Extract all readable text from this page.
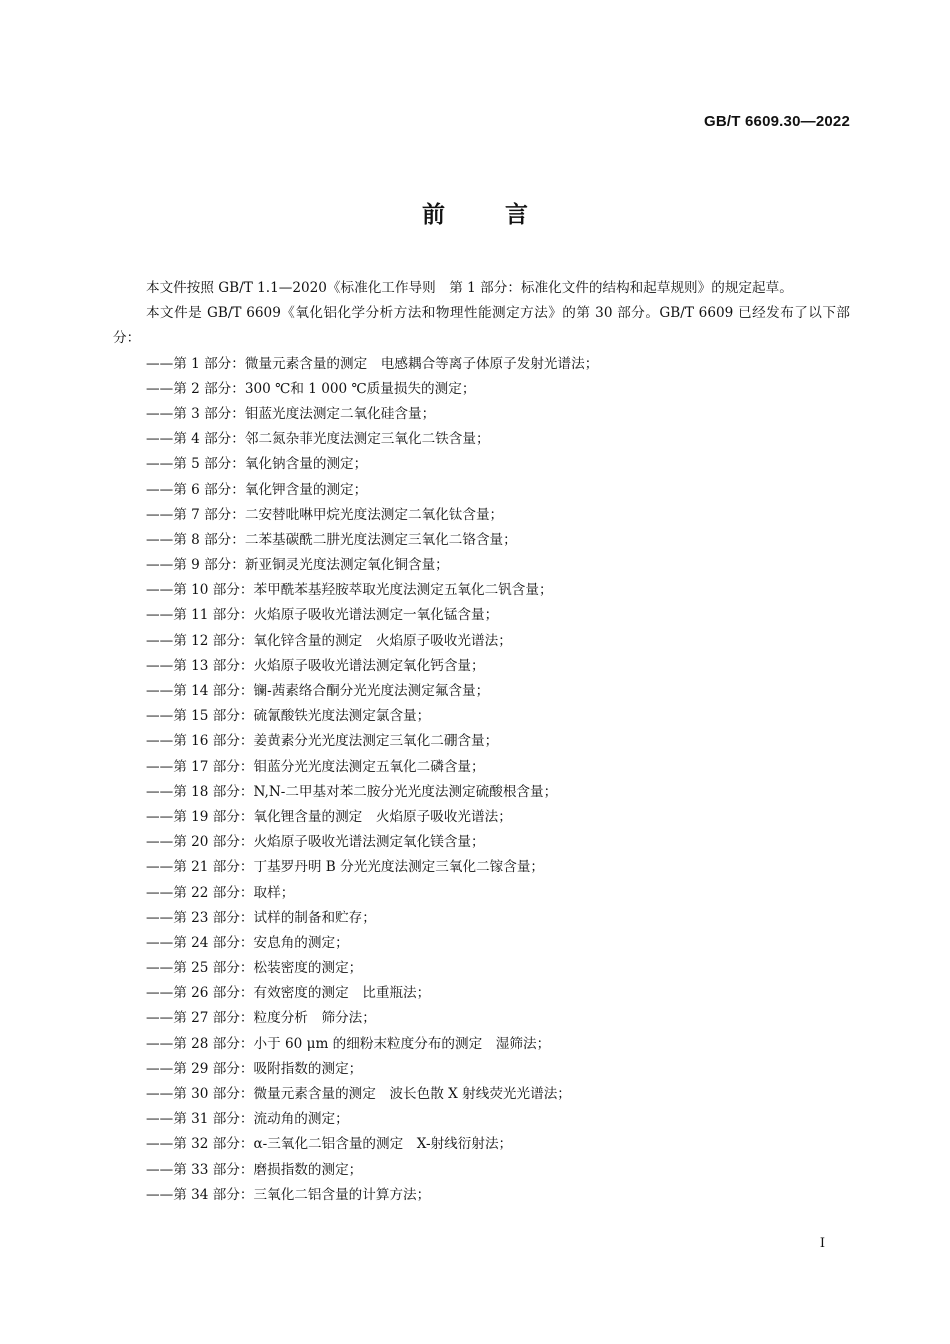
GB/T 6609.30—2022
前言

本文件按照 GB/T 1.1—2020《标准化工作导则　第 1 部分：标准化文件的结构和起草规则》的规定起草。

本文件是 GB/T 6609《氧化铝化学分析方法和物理性能测定方法》的第 30 部分。GB/T 6609 已经发布了以下部分：

——第 1 部分：微量元素含量的测定　电感耦合等离子体原子发射光谱法；
——第 2 部分：300 ℃和 1 000 ℃质量损失的测定；
——第 3 部分：钼蓝光度法测定二氧化硅含量；
——第 4 部分：邻二氮杂菲光度法测定三氧化二铁含量；
——第 5 部分：氧化钠含量的测定；
——第 6 部分：氧化钾含量的测定；
——第 7 部分：二安替吡啉甲烷光度法测定二氧化钛含量；
——第 8 部分：二苯基碳酰二肼光度法测定三氧化二铬含量；
——第 9 部分：新亚铜灵光度法测定氧化铜含量；
——第 10 部分：苯甲酰苯基羟胺萃取光度法测定五氧化二钒含量；
——第 11 部分：火焰原子吸收光谱法测定一氧化锰含量；
——第 12 部分：氧化锌含量的测定　火焰原子吸收光谱法；
——第 13 部分：火焰原子吸收光谱法测定氧化钙含量；
——第 14 部分：镧-茜素络合酮分光光度法测定氟含量；
——第 15 部分：硫氰酸铁光度法测定氯含量；
——第 16 部分：姜黄素分光光度法测定三氧化二硼含量；
——第 17 部分：钼蓝分光光度法测定五氧化二磷含量；
——第 18 部分：N,N-二甲基对苯二胺分光光度法测定硫酸根含量；
——第 19 部分：氧化锂含量的测定　火焰原子吸收光谱法；
——第 20 部分：火焰原子吸收光谱法测定氧化镁含量；
——第 21 部分：丁基罗丹明 B 分光光度法测定三氧化二镓含量；
——第 22 部分：取样；
——第 23 部分：试样的制备和贮存；
——第 24 部分：安息角的测定；
——第 25 部分：松装密度的测定；
——第 26 部分：有效密度的测定　比重瓶法；
——第 27 部分：粒度分析　筛分法；
——第 28 部分：小于 60 μm 的细粉末粒度分布的测定　湿筛法；
——第 29 部分：吸附指数的测定；
——第 30 部分：微量元素含量的测定　波长色散 X 射线荧光光谱法；
——第 31 部分：流动角的测定；
——第 32 部分：α-三氧化二铝含量的测定　X-射线衍射法；
——第 33 部分：磨损指数的测定；
——第 34 部分：三氧化二铝含量的计算方法；
I
